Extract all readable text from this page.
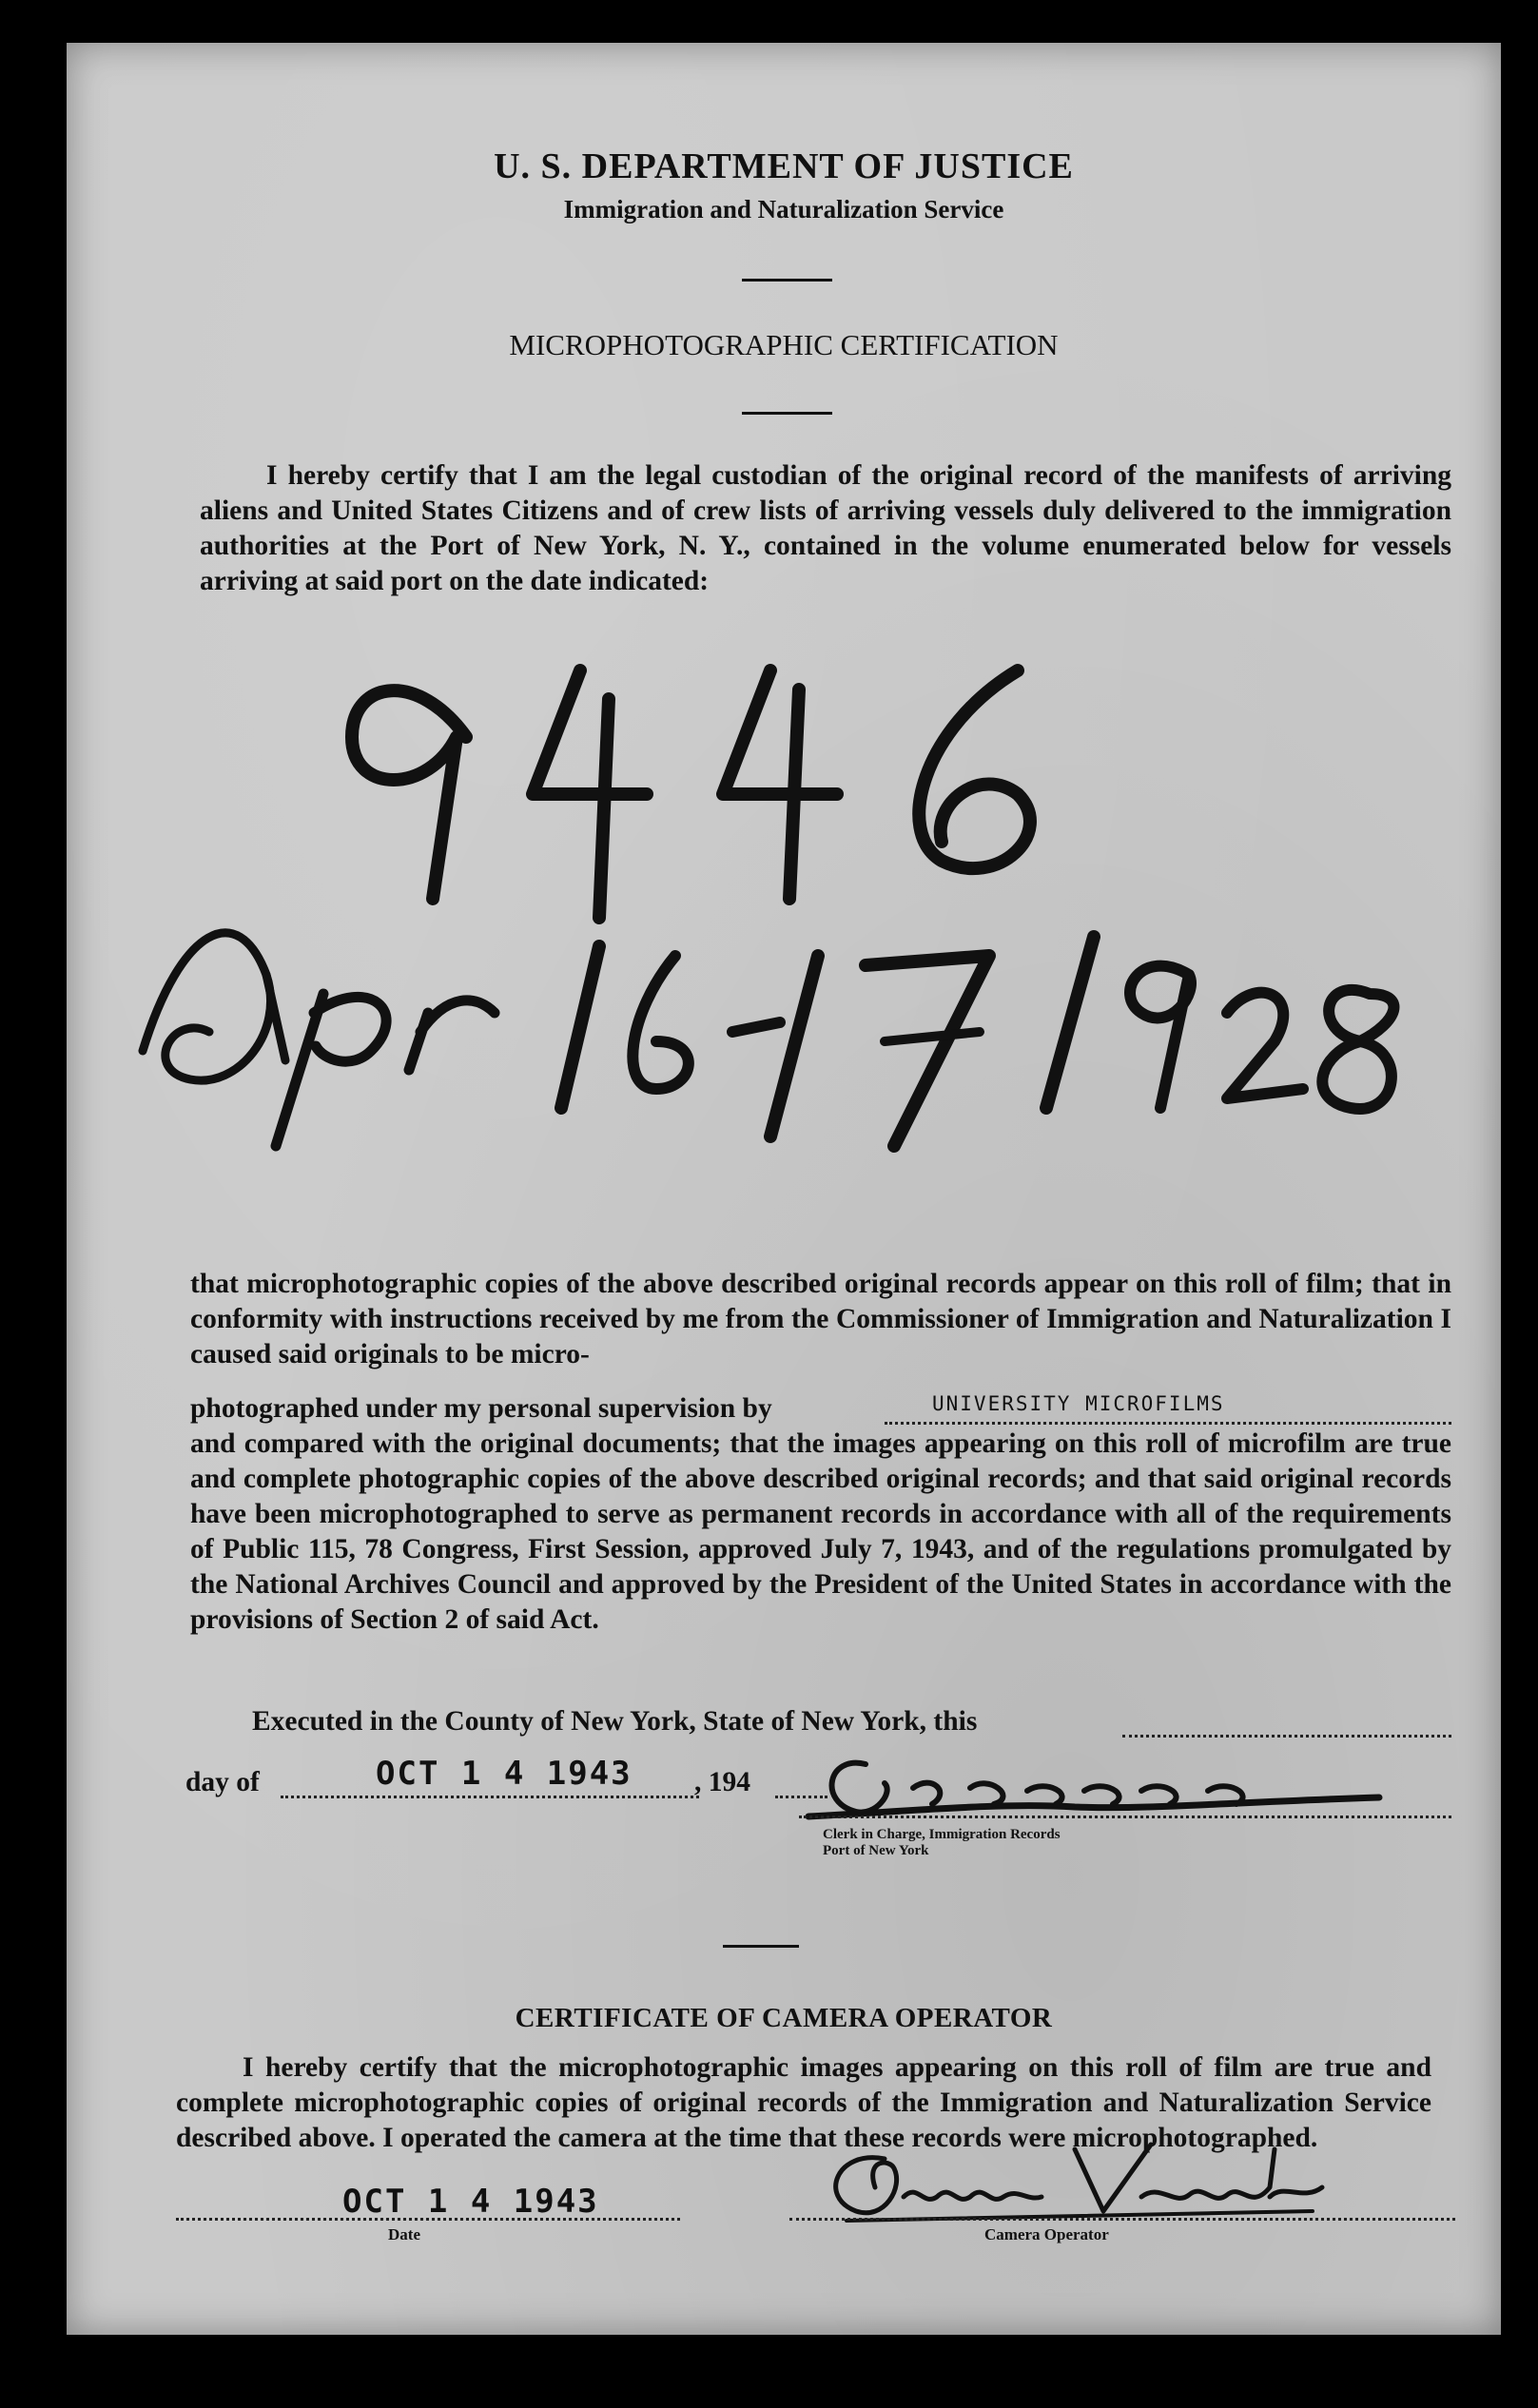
U. S. DEPARTMENT OF JUSTICE
Immigration and Naturalization Service
MICROPHOTOGRAPHIC CERTIFICATION
I hereby certify that I am the legal custodian of the original record of the manifests of arriving aliens and United States Citizens and of crew lists of arriving vessels duly delivered to the immigration authorities at the Port of New York, N. Y., contained in the volume enumerated below for vessels arriving at said port on the date indicated:
that microphotographic copies of the above described original records appear on this roll of film; that in conformity with instructions received by me from the Commissioner of Immigration and Naturalization I caused said originals to be micro-
photographed under my personal supervision by	UNIVERSITY MICROFILMS
and compared with the original documents; that the images appearing on this roll of microfilm are true and complete photographic copies of the above described original records; and that said original records have been microphotographed to serve as permanent records in accordance with all of the requirements of Public 115, 78 Congress, First Session, approved July 7, 1943, and of the regulations promulgated by the National Archives Council and approved by the President of the United States in accordance with the provisions of Section 2 of said Act.
Executed in the County of New York, State of New York, this
day of	OCT 1 4 1943 , 194
Clerk in Charge, Immigration Records
Port of New York
CERTIFICATE OF CAMERA OPERATOR
I hereby certify that the microphotographic images appearing on this roll of film are true and complete microphotographic copies of original records of the Immigration and Naturalization Service described above. I operated the camera at the time that these records were microphotographed.
OCT 1 4 1943
Date	Camera Operator
